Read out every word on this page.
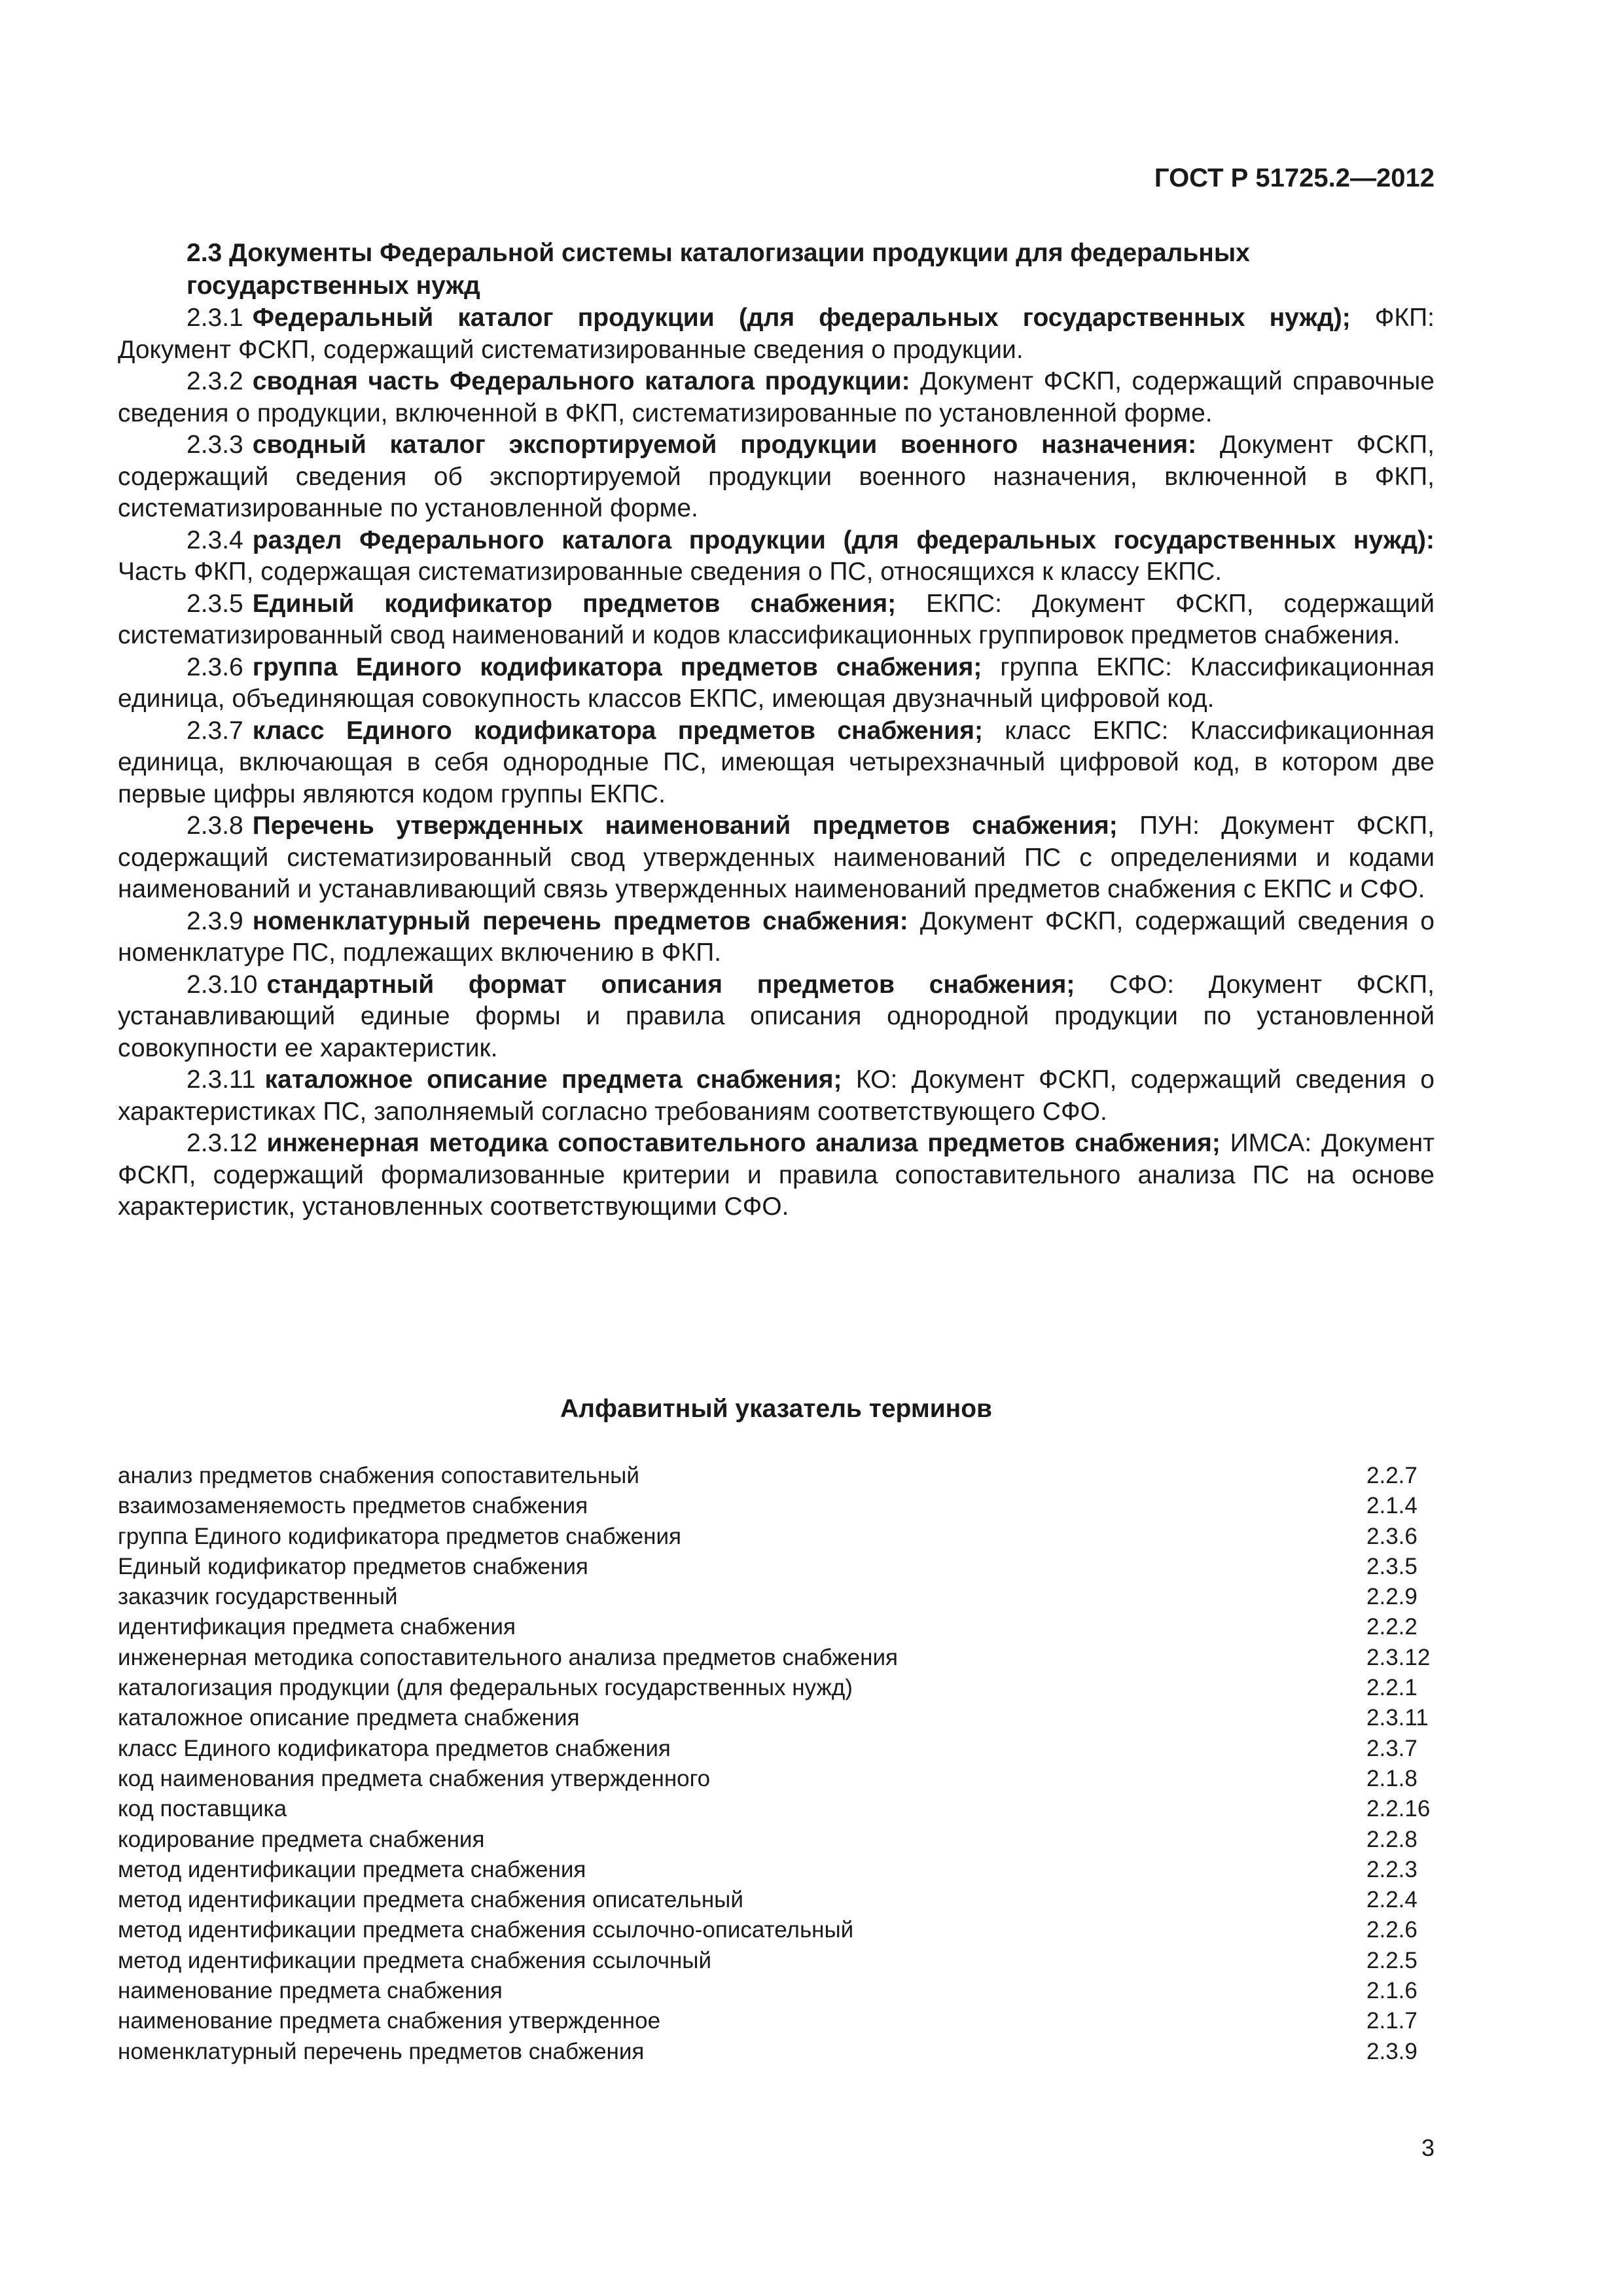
ГОСТ Р 51725.2—2012

2.3 Документы Федеральной системы каталогизации продукции для федеральных государственных нужд

2.3.1 Федеральный каталог продукции (для федеральных государственных нужд); ФКП: Документ ФСКП, содержащий систематизированные сведения о продукции.

2.3.2 сводная часть Федерального каталога продукции: Документ ФСКП, содержащий справочные сведения о продукции, включенной в ФКП, систематизированные по установленной форме.

2.3.3 сводный каталог экспортируемой продукции военного назначения: Документ ФСКП, содержащий сведения об экспортируемой продукции военного назначения, включенной в ФКП, систематизированные по установленной форме.

2.3.4 раздел Федерального каталога продукции (для федеральных государственных нужд): Часть ФКП, содержащая систематизированные сведения о ПС, относящихся к классу ЕКПС.

2.3.5 Единый кодификатор предметов снабжения; ЕКПС: Документ ФСКП, содержащий систематизированный свод наименований и кодов классификационных группировок предметов снабжения.

2.3.6 группа Единого кодификатора предметов снабжения; группа ЕКПС: Классификационная единица, объединяющая совокупность классов ЕКПС, имеющая двузначный цифровой код.

2.3.7 класс Единого кодификатора предметов снабжения; класс ЕКПС: Классификационная единица, включающая в себя однородные ПС, имеющая четырехзначный цифровой код, в котором две первые цифры являются кодом группы ЕКПС.

2.3.8 Перечень утвержденных наименований предметов снабжения; ПУН: Документ ФСКП, содержащий систематизированный свод утвержденных наименований ПС с определениями и кодами наименований и устанавливающий связь утвержденных наименований предметов снабжения с ЕКПС и СФО.

2.3.9 номенклатурный перечень предметов снабжения: Документ ФСКП, содержащий сведения о номенклатуре ПС, подлежащих включению в ФКП.

2.3.10 стандартный формат описания предметов снабжения; СФО: Документ ФСКП, устанавливающий единые формы и правила описания однородной продукции по установленной совокупности ее характеристик.

2.3.11 каталожное описание предмета снабжения; КО: Документ ФСКП, содержащий сведения о характеристиках ПС, заполняемый согласно требованиям соответствующего СФО.

2.3.12 инженерная методика сопоставительного анализа предметов снабжения; ИМСА: Документ ФСКП, содержащий формализованные критерии и правила сопоставительного анализа ПС на основе характеристик, установленных соответствующими СФО.

Алфавитный указатель терминов
анализ предметов снабжения сопоставительный	2.2.7
взаимозаменяемость предметов снабжения	2.1.4
группа Единого кодификатора предметов снабжения	2.3.6
Единый кодификатор предметов снабжения	2.3.5
заказчик государственный	2.2.9
идентификация предмета снабжения	2.2.2
инженерная методика сопоставительного анализа предметов снабжения	2.3.12
каталогизация продукции (для федеральных государственных нужд)	2.2.1
каталожное описание предмета снабжения	2.3.11
класс Единого кодификатора предметов снабжения	2.3.7
код наименования предмета снабжения утвержденного	2.1.8
код поставщика	2.2.16
кодирование предмета снабжения	2.2.8
метод идентификации предмета снабжения	2.2.3
метод идентификации предмета снабжения описательный	2.2.4
метод идентификации предмета снабжения ссылочно-описательный	2.2.6
метод идентификации предмета снабжения ссылочный	2.2.5
наименование предмета снабжения	2.1.6
наименование предмета снабжения утвержденное	2.1.7
номенклатурный перечень предметов снабжения	2.3.9
3
